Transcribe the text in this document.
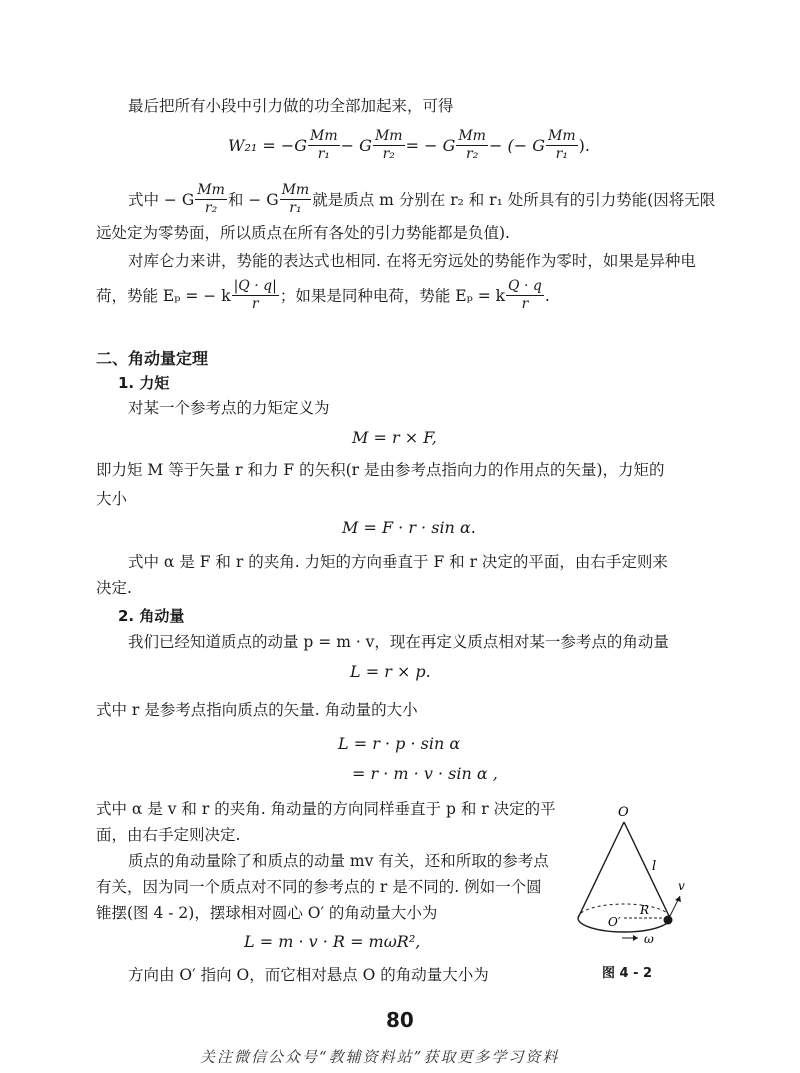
最后把所有小段中引力做的功全部加起来，可得
$W_{21} = -G \frac{Mm}{\text{r₁}} - G \frac{Mm}{\text{r₂}}$ = − G $\frac{Mm}{\text{r₂}}$ − (− G $\frac{Mm}{\text{r₁}}$ ).
式中 − G $\frac{Mm}{\text{r₂}}$ 和 − G $\frac{Mm}{\text{r₁}}$ 就是质点 m 分别在 r₂ 和 r₁ 处所具有的引力势能(因将无限
远处定为零势面，所以质点在所有各处的引力势能都是负值).
对库仑力来讲，势能的表达式也相同. 在将无穷远处的势能作为零时，如果是异种电
荷，势能 Eₚ = − k $\frac{|Q \cdot q|}{r}$ ；如果是同种电荷，势能 Eₚ = k $\frac{Q \cdot q}{r}$ .
二、角动量定理
1. 力矩
对某一个参考点的力矩定义为
M = r × F,
即力矩 M 等于矢量 r 和力 F 的矢积(r 是由参考点指向力的作用点的矢量)，力矩的
大小
M = F · r · sin α.
式中 α 是 F 和 r 的夹角. 力矩的方向垂直于 F 和 r 决定的平面，由右手定则来
决定.
2. 角动量
我们已经知道质点的动量 p = m · v，现在再定义质点相对某一参考点的角动量
L = r × p.
式中 r 是参考点指向质点的矢量. 角动量的大小
L = r · p · sin α
= r · m · v · sin α ,
式中 α 是 v 和 r 的夹角. 角动量的方向同样垂直于 p 和 r 决定的平
面，由右手定则决定.
质点的角动量除了和质点的动量 mv 有关，还和所取的参考点
有关，因为同一个质点对不同的参考点的 r 是不同的. 例如一个圆
锥摆(图 4 - 2)，摆球相对圆心 O′ 的角动量大小为
L = m · v · R = mωR²,
方向由 O′ 指向 O，而它相对悬点 O 的角动量大小为
O
l
v
R
O′
ω
图 4 - 2
80
关注微信公众号“教辅资料站”获取更多学习资料
